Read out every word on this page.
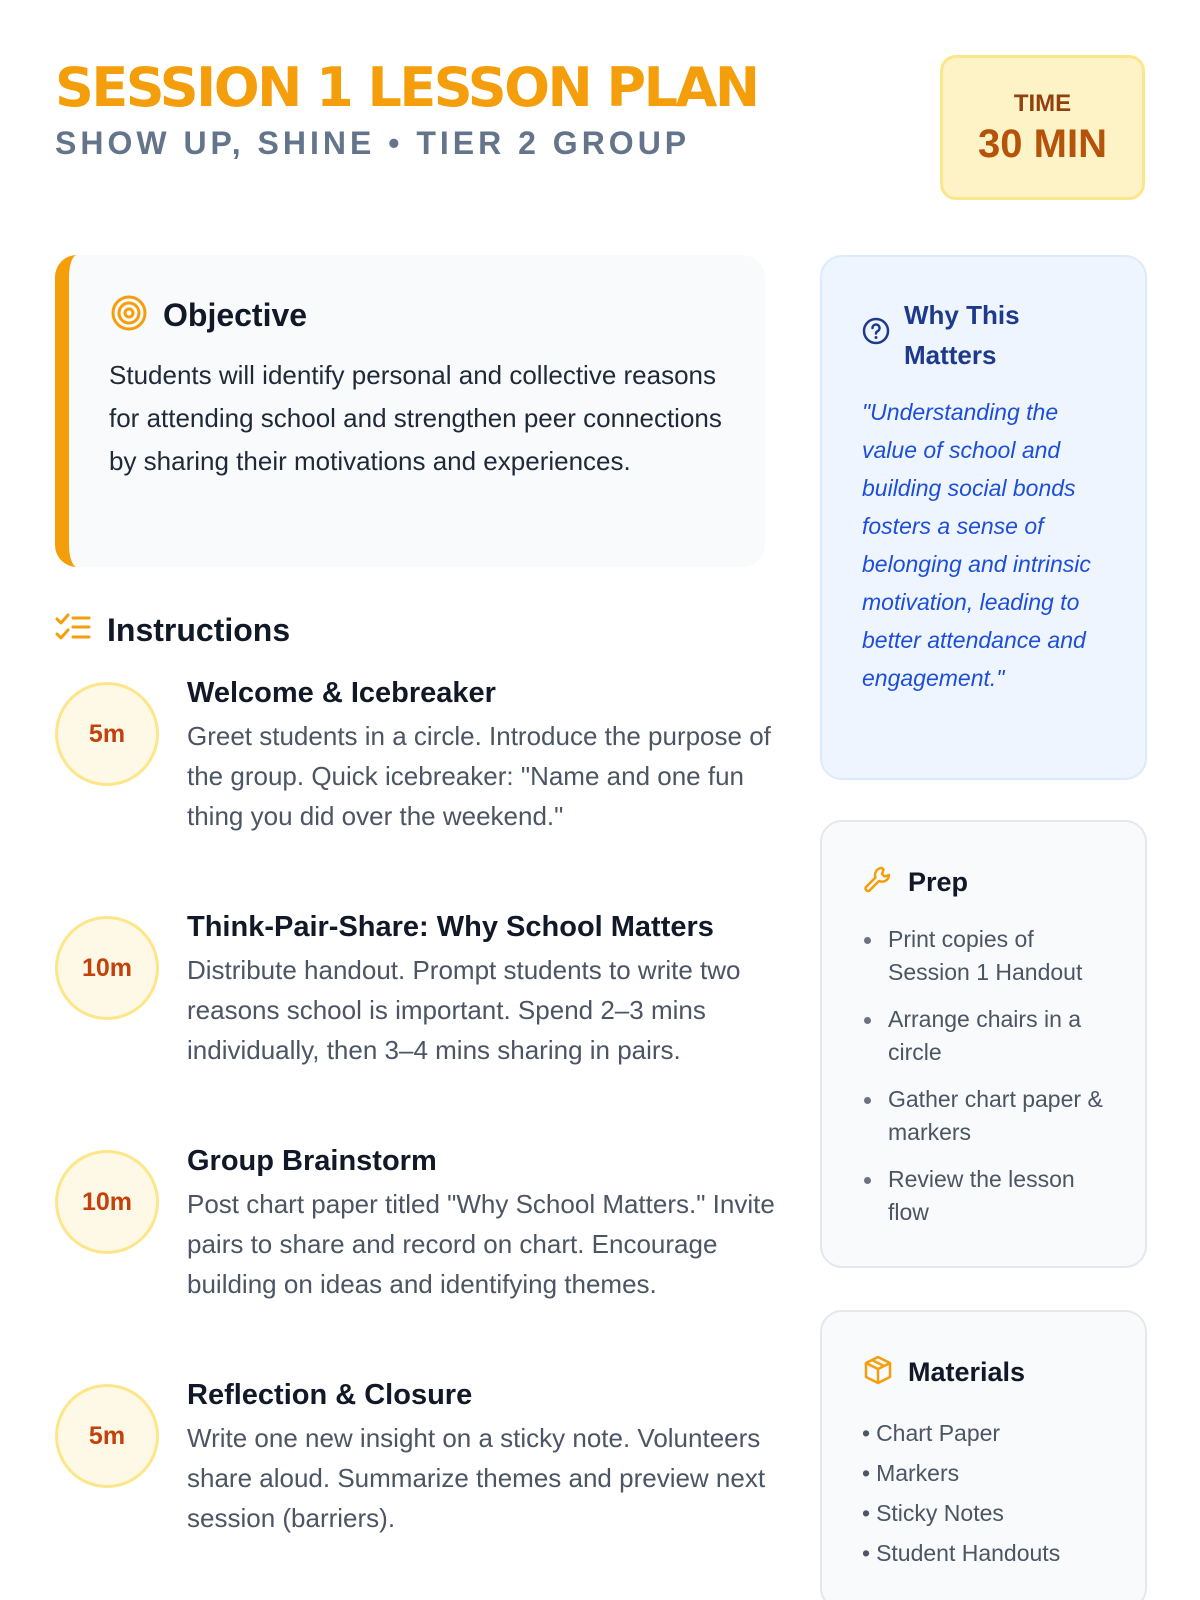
SESSION 1 LESSON PLAN
SHOW UP, SHINE • TIER 2 GROUP
TIME
30 MIN
Objective

Students will identify personal and collective reasons for attending school and strengthen peer connections by sharing their motivations and experiences.

Instructions
5m
Welcome & Icebreaker
Greet students in a circle. Introduce the purpose of the group. Quick icebreaker: "Name and one fun thing you did over the weekend."
10m
Think-Pair-Share: Why School Matters
Distribute handout. Prompt students to write two reasons school is important. Spend 2–3 mins individually, then 3–4 mins sharing in pairs.
10m
Group Brainstorm
Post chart paper titled "Why School Matters." Invite pairs to share and record on chart. Encourage building on ideas and identifying themes.
5m
Reflection & Closure
Write one new insight on a sticky note. Volunteers share aloud. Summarize themes and preview next session (barriers).
Why This Matters

"Understanding the value of school and building social bonds fosters a sense of belonging and intrinsic motivation, leading to better attendance and engagement."

Prep
Print copies of Session 1 Handout
Arrange chairs in a circle
Gather chart paper & markers
Review the lesson flow
Materials
• Chart Paper
• Markers
• Sticky Notes
• Student Handouts
